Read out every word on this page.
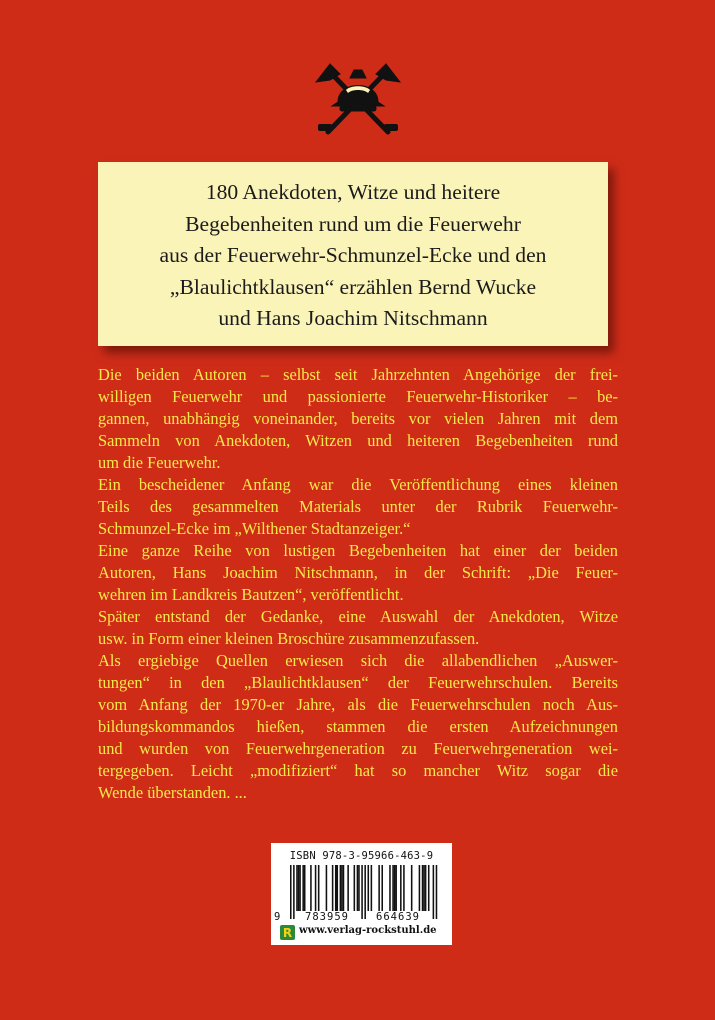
180 Anekdoten, Witze und heitere
Begebenheiten rund um die Feuerwehr
aus der Feuerwehr-Schmunzel-Ecke und den
„Blaulichtklausen“ erzählen Bernd Wucke
und Hans Joachim Nitschmann
Die beiden Autoren – selbst seit Jahrzehnten Angehörige der frei-
willigen Feuerwehr und passionierte Feuerwehr-Historiker – be-
gannen, unabhängig voneinander, bereits vor vielen Jahren mit dem
Sammeln von Anekdoten, Witzen und heiteren Begebenheiten rund
um die Feuerwehr.
Ein bescheidener Anfang war die Veröffentlichung eines kleinen
Teils des gesammelten Materials unter der Rubrik Feuerwehr-
Schmunzel-Ecke im „Wilthener Stadtanzeiger.“
Eine ganze Reihe von lustigen Begebenheiten hat einer der beiden
Autoren, Hans Joachim Nitschmann, in der Schrift: „Die Feuer-
wehren im Landkreis Bautzen“, veröffentlicht.
Später entstand der Gedanke, eine Auswahl der Anekdoten, Witze
usw. in Form einer kleinen Broschüre zusammenzufassen.
Als ergiebige Quellen erwiesen sich die allabendlichen „Auswer-
tungen“ in den „Blaulichtklausen“ der Feuerwehrschulen. Bereits
vom Anfang der 1970-er Jahre, als die Feuerwehrschulen noch Aus-
bildungskommandos hießen, stammen die ersten Aufzeichnungen
und wurden von Feuerwehrgeneration zu Feuerwehrgeneration wei-
tergegeben. Leicht „modifiziert“ hat so mancher Witz sogar die
Wende überstanden. ...
ISBN 978-3-95966-463-9
9	783959	664639
R www.verlag-rockstuhl.de
